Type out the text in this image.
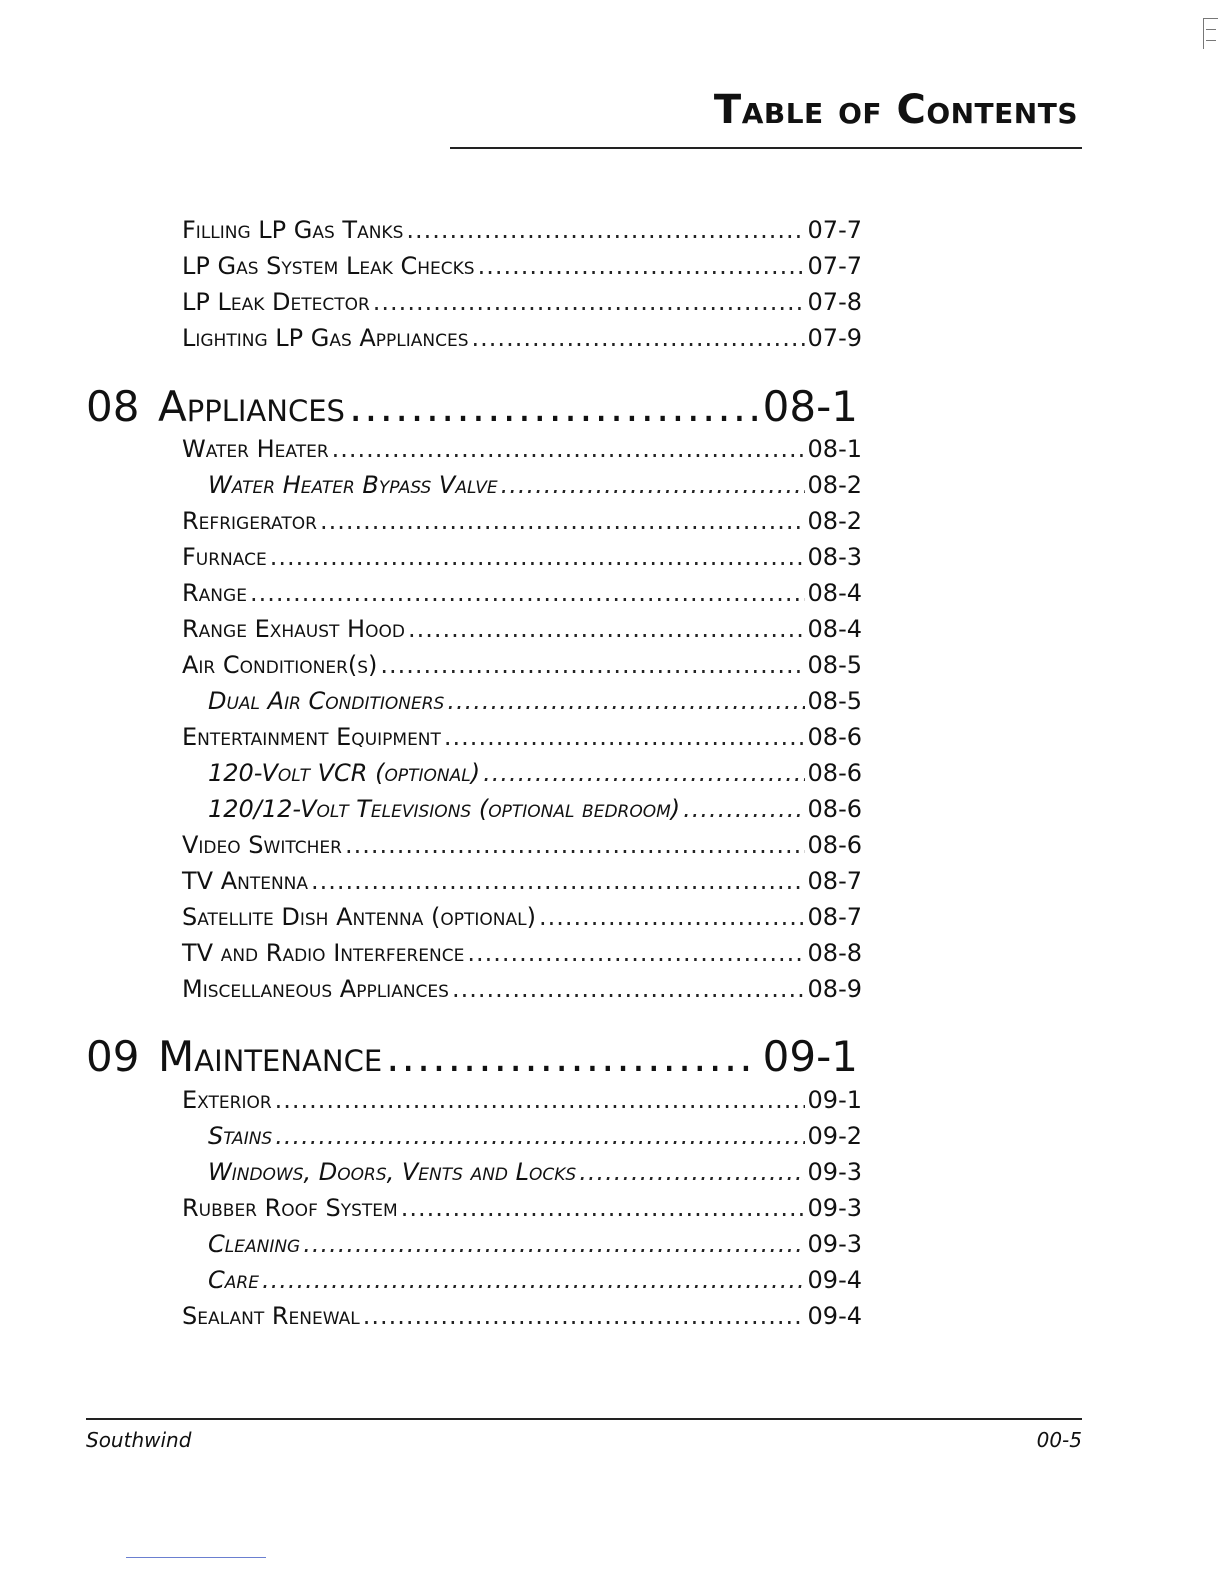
Table of Contents
Filling LP Gas Tanks .....	07-7
LP Gas System Leak Checks .....	07-7
LP Leak Detector .....	07-8
Lighting LP Gas Appliances .....	07-9
08 Appliances .....	08-1
Water Heater .....	08-1
Water Heater Bypass Valve .....	08-2
Refrigerator .....	08-2
Furnace .....	08-3
Range .....	08-4
Range Exhaust Hood .....	08-4
Air Conditioner(s) .....	08-5
Dual Air Conditioners .....	08-5
Entertainment Equipment .....	08-6
120-Volt VCR (optional) .....	08-6
120/12-Volt Televisions (optional bedroom) .....	08-6
Video Switcher .....	08-6
TV Antenna .....	08-7
Satellite Dish Antenna (optional) .....	08-7
TV and Radio Interference .....	08-8
Miscellaneous Appliances .....	08-9
09 Maintenance .....	09-1
Exterior .....	09-1
Stains .....	09-2
Windows, Doors, Vents and Locks .....	09-3
Rubber Roof System .....	09-3
Cleaning .....	09-3
Care .....	09-4
Sealant Renewal .....	09-4
Southwind	00-5
